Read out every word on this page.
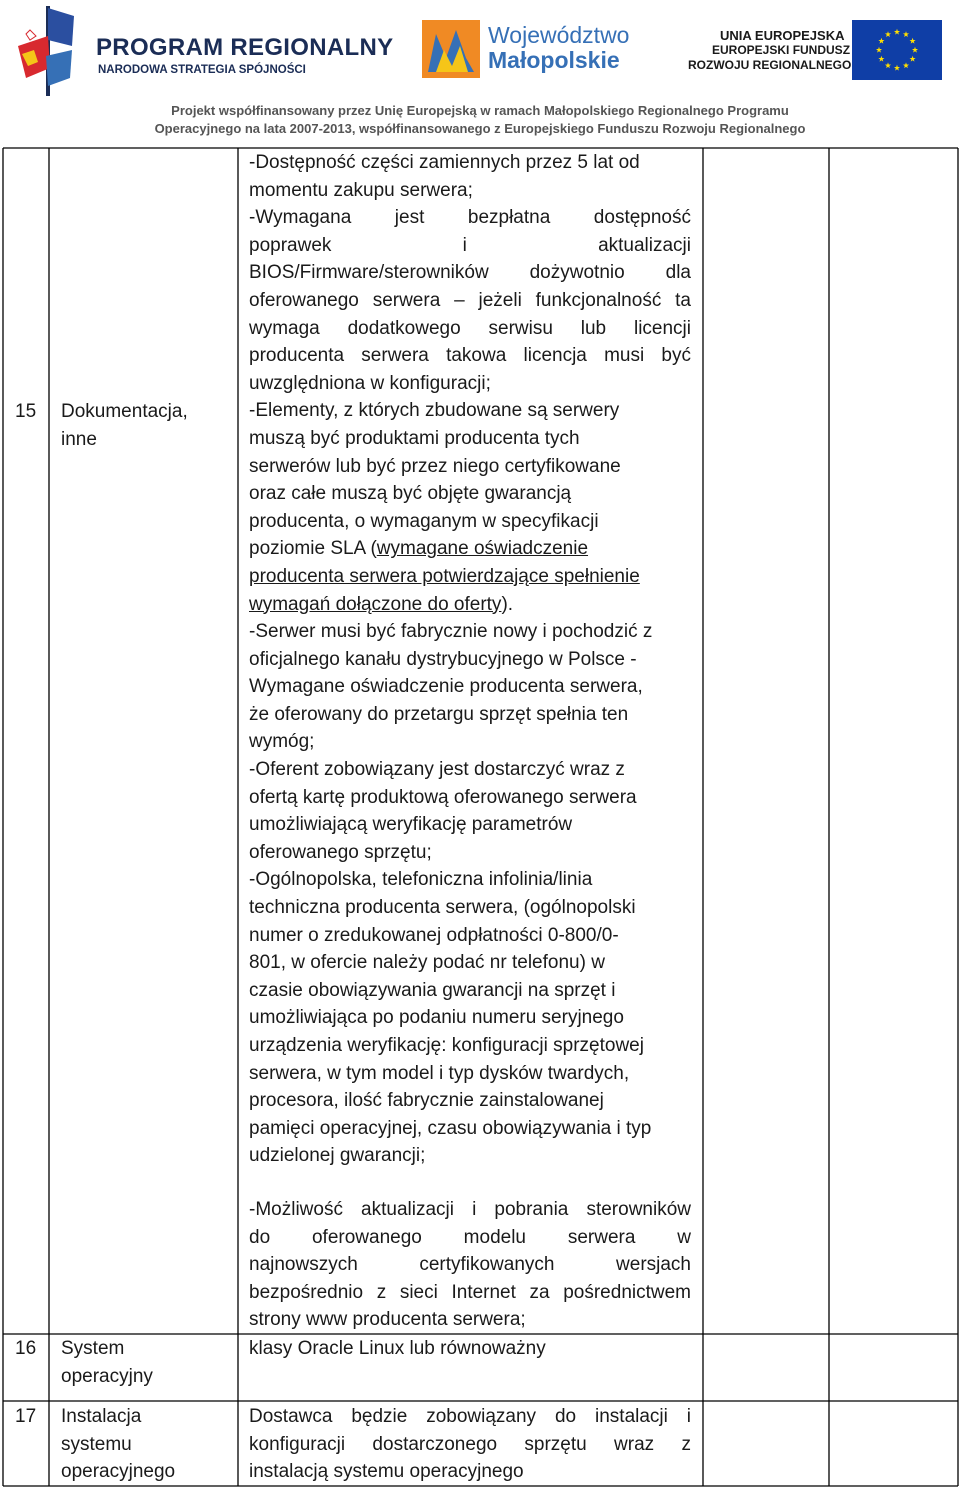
PROGRAM REGIONALNY
NARODOWA STRATEGIA SPÓJNOŚCI
Województwo
Małopolskie
UNIA EUROPEJSKA
EUROPEJSKI FUNDUSZ
ROZWOJU REGIONALNEGO
Projekt współfinansowany przez Unię Europejską w ramach Małopolskiego Regionalnego Programu
Operacyjnego na lata 2007-2013, współfinansowanego z Europejskiego Funduszu Rozwoju Regionalnego
15 Dokumentacja,
inne
-Dostępność części zamiennych przez 5 lat od
momentu zakupu serwera;
-Wymagana jest bezpłatna dostępność
poprawek i aktualizacji
BIOS/Firmware/sterowników dożywotnio dla
oferowanego serwera – jeżeli funkcjonalność ta
wymaga dodatkowego serwisu lub licencji
producenta serwera takowa licencja musi być
uwzględniona w konfiguracji;
-Elementy, z których zbudowane są serwery
muszą być produktami producenta tych
serwerów lub być przez niego certyfikowane
oraz całe muszą być objęte gwarancją
producenta, o wymaganym w specyfikacji
poziomie SLA (wymagane oświadczenie
producenta serwera potwierdzające spełnienie
wymagań dołączone do oferty).
-Serwer musi być fabrycznie nowy i pochodzić z
oficjalnego kanału dystrybucyjnego w Polsce -
Wymagane oświadczenie producenta serwera,
że oferowany do przetargu sprzęt spełnia ten
wymóg;
-Oferent zobowiązany jest dostarczyć wraz z
ofertą kartę produktową oferowanego serwera
umożliwiającą weryfikację parametrów
oferowanego sprzętu;
-Ogólnopolska, telefoniczna infolinia/linia
techniczna producenta serwera, (ogólnopolski
numer o zredukowanej odpłatności 0-800/0-
801, w ofercie należy podać nr telefonu) w
czasie obowiązywania gwarancji na sprzęt i
umożliwiająca po podaniu numeru seryjnego
urządzenia weryfikację: konfiguracji sprzętowej
serwera, w tym model i typ dysków twardych,
procesora, ilość fabrycznie zainstalowanej
pamięci operacyjnej, czasu obowiązywania i typ
udzielonej gwarancji;
-Możliwość aktualizacji i pobrania sterowników
do oferowanego modelu serwera w
najnowszych certyfikowanych wersjach
bezpośrednio z sieci Internet za pośrednictwem
strony www producenta serwera;
16 System
operacyjny
klasy Oracle Linux lub równoważny
17 Instalacja
systemu
operacyjnego
Dostawca będzie zobowiązany do instalacji i
konfiguracji dostarczonego sprzętu wraz z
instalacją systemu operacyjnego
